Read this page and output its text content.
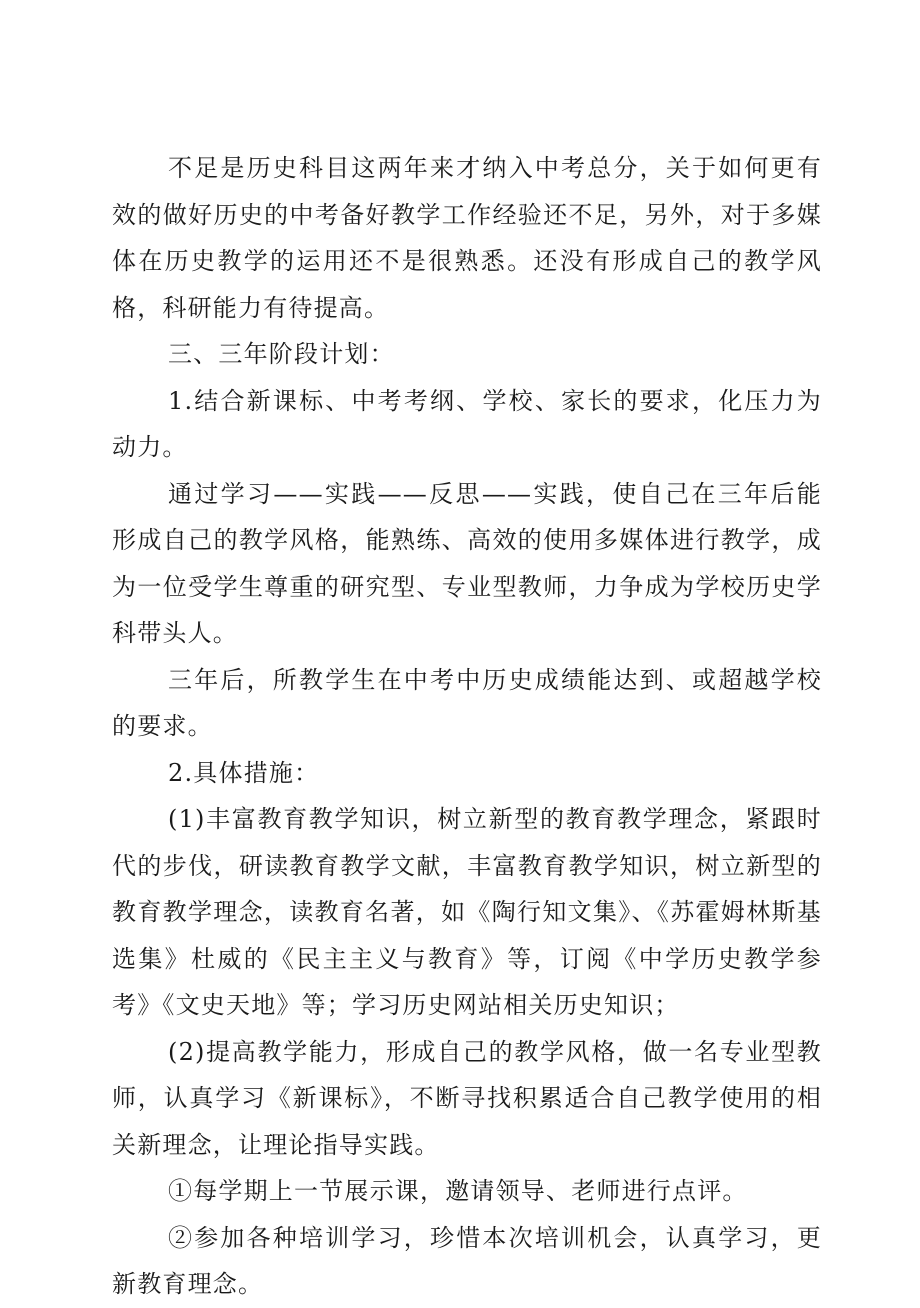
不足是历史科目这两年来才纳入中考总分，关于如何更有效的做好历史的中考备好教学工作经验还不足，另外，对于多媒体在历史教学的运用还不是很熟悉。还没有形成自己的教学风格，科研能力有待提高。

三、三年阶段计划：

1.结合新课标、中考考纲、学校、家长的要求，化压力为动力。

通过学习——实践——反思——实践，使自己在三年后能形成自己的教学风格，能熟练、高效的使用多媒体进行教学，成为一位受学生尊重的研究型、专业型教师，力争成为学校历史学科带头人。

三年后，所教学生在中考中历史成绩能达到、或超越学校的要求。

2.具体措施：

(1)丰富教育教学知识，树立新型的教育教学理念，紧跟时代的步伐，研读教育教学文献，丰富教育教学知识，树立新型的教育教学理念，读教育名著，如《陶行知文集》、《苏霍姆林斯基选集》杜威的《民主主义与教育》等，订阅《中学历史教学参考》《文史天地》等；学习历史网站相关历史知识；

(2)提高教学能力，形成自己的教学风格，做一名专业型教师，认真学习《新课标》，不断寻找积累适合自己教学使用的相关新理念，让理论指导实践。

①每学期上一节展示课，邀请领导、老师进行点评。

②参加各种培训学习，珍惜本次培训机会，认真学习，更新教育理念。
